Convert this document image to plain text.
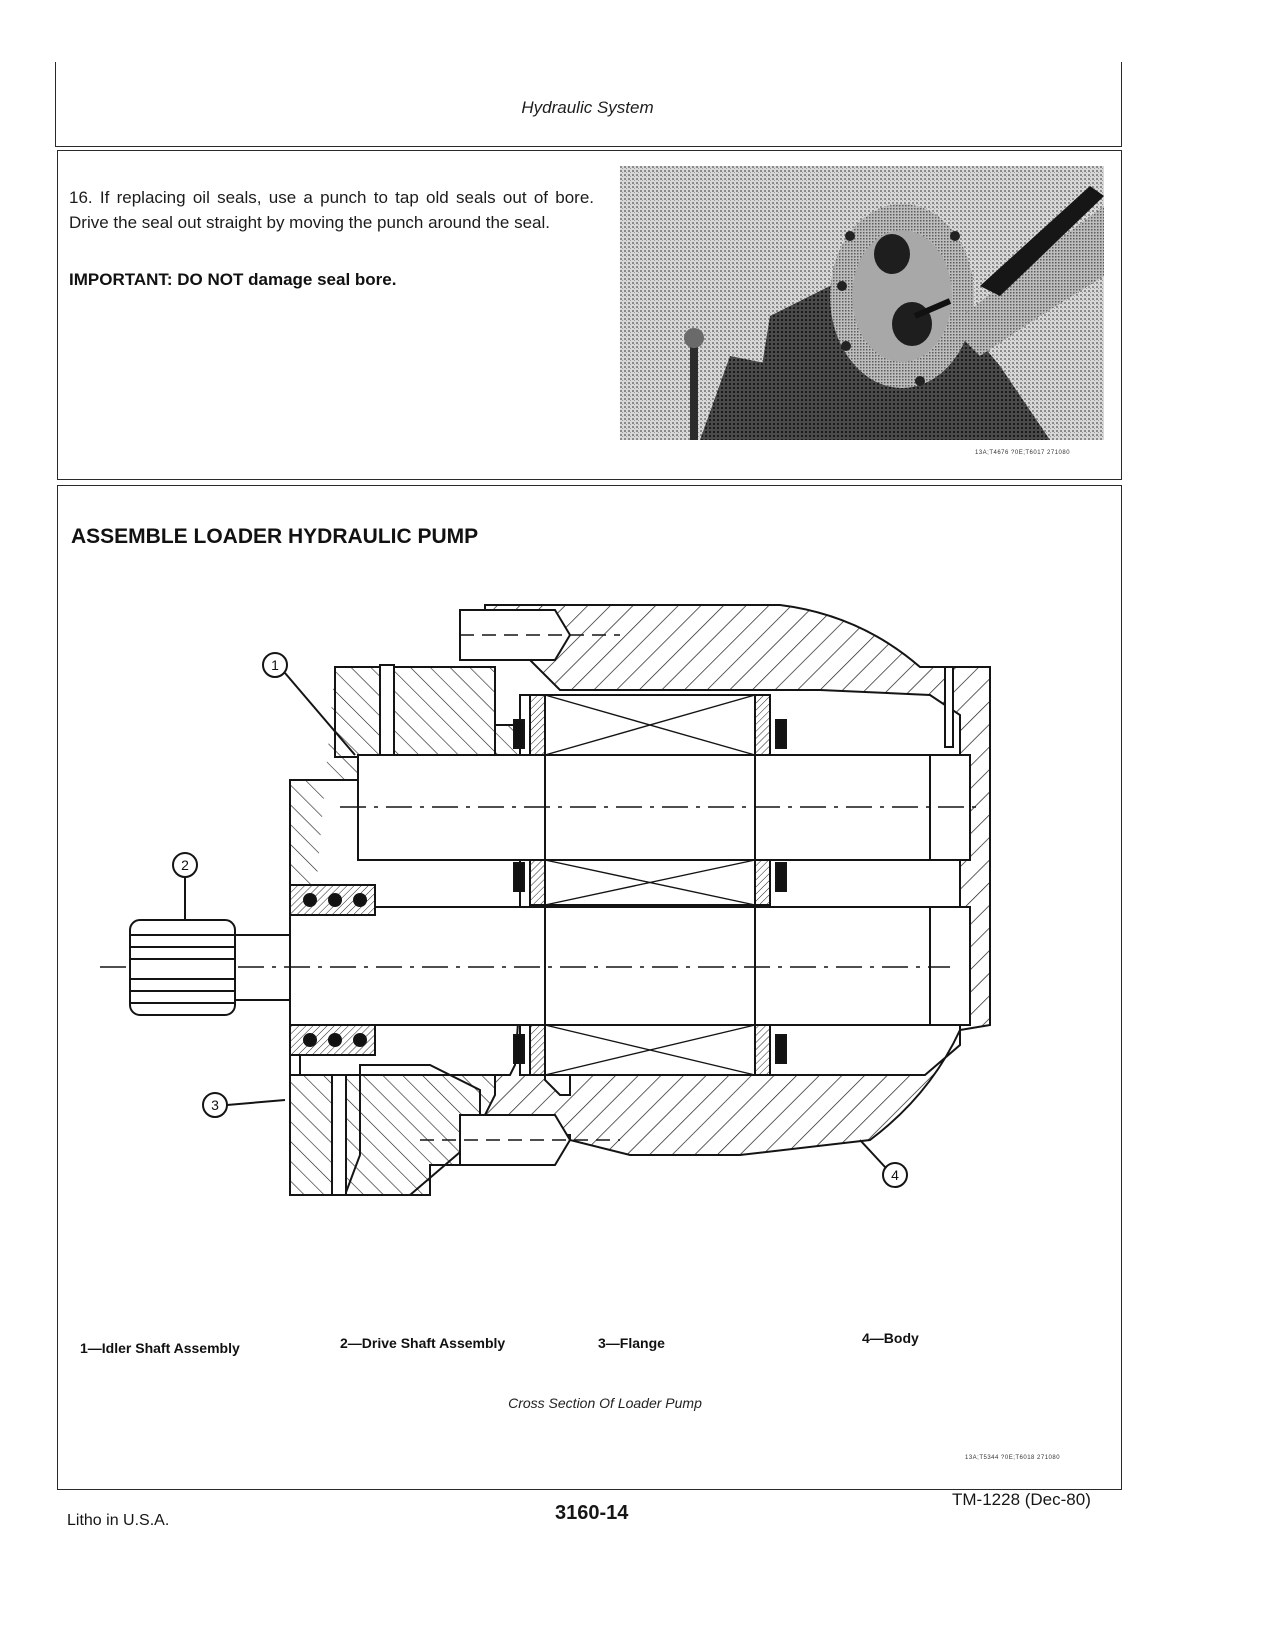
Hydraulic System
16. If replacing oil seals, use a punch to tap old seals out of bore. Drive the seal out straight by moving the punch around the seal.
IMPORTANT: DO NOT damage seal bore.
13A;T4676 ?0E;T6017 271080
ASSEMBLE LOADER HYDRAULIC PUMP
1
2
3
4
1—Idler Shaft Assembly	2—Drive Shaft Assembly	3—Flange	4—Body
Cross Section Of Loader Pump
13A;T5344 ?0E;T6018 271080
Litho in U.S.A.	3160-14
TM-1228 (Dec-80)
